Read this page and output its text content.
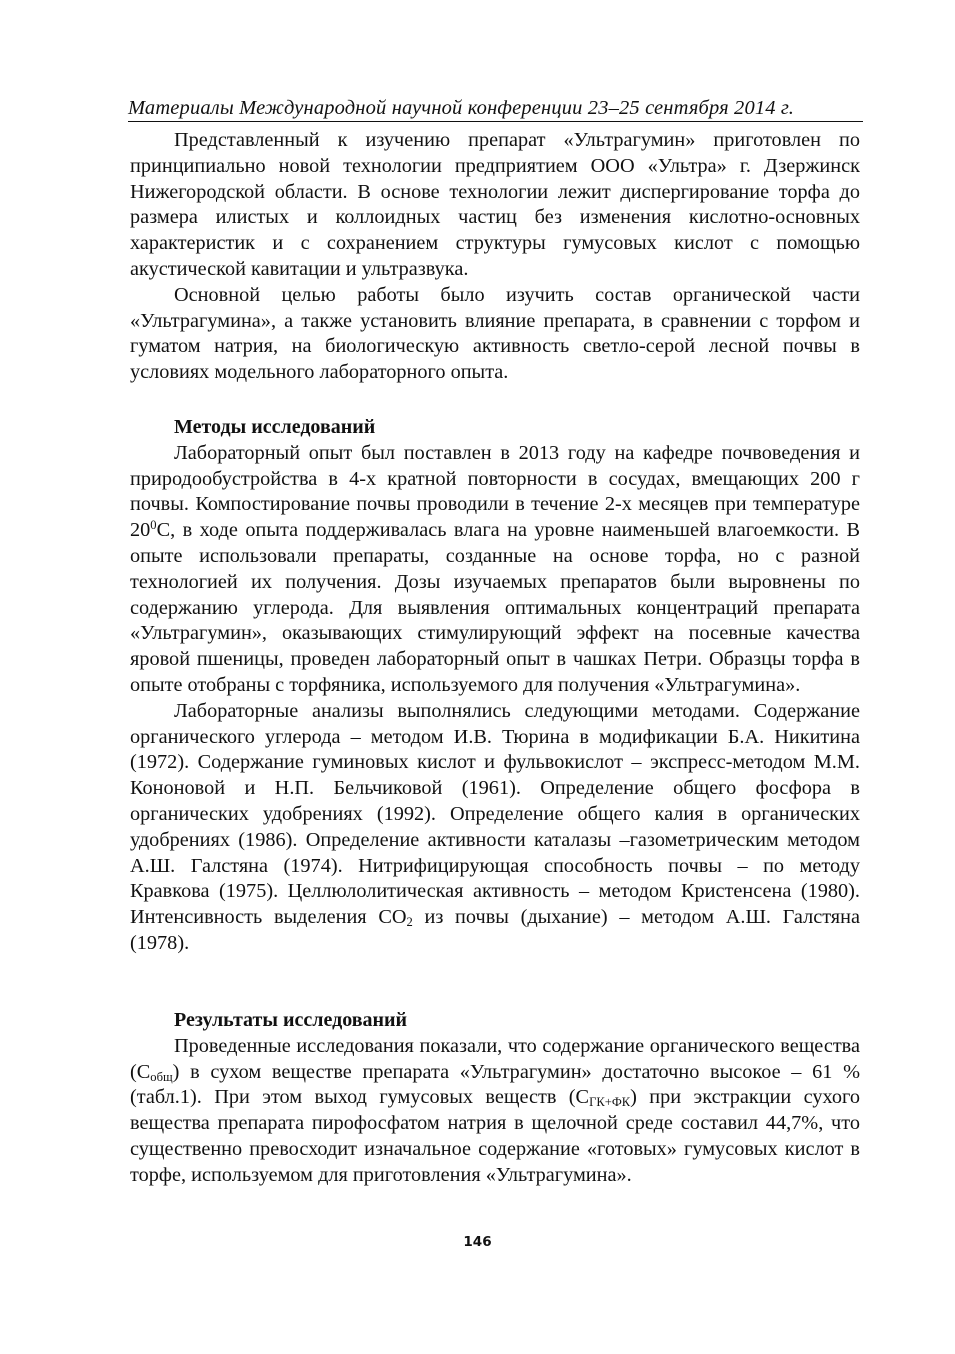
Материалы Международной научной конференции 23–25 сентября 2014 г.

Представленный к изучению препарат «Ультрагумин» приготовлен по принципиально новой технологии предприятием ООО «Ультра» г. Дзержинск Нижегородской области. В основе технологии лежит диспергирование торфа до размера илистых и коллоидных частиц без изменения кислотно-основных характеристик и с сохранением структуры гумусовых кислот с помощью акустической кавитации и ультразвука.

Основной целью работы было изучить состав органической части «Ультрагумина», а также установить влияние препарата, в сравнении с торфом и гуматом натрия, на биологическую активность светло-серой лесной почвы в условиях модельного лабораторного опыта.

Методы исследований

Лабораторный опыт был поставлен в 2013 году на кафедре почвоведения и природообустройства в 4-х кратной повторности в сосудах, вмещающих 200 г почвы. Компостирование почвы проводили в течение 2-х месяцев при температуре $20^0С$, в ходе опыта поддерживалась влага на уровне наименьшей влагоемкости. В опыте использовали препараты, созданные на основе торфа, но с разной технологией их получения. Дозы изучаемых препаратов были выровнены по содержанию углерода. Для выявления оптимальных концентраций препарата «Ультрагумин», оказывающих стимулирующий эффект на посевные качества яровой пшеницы, проведен лабораторный опыт в чашках Петри. Образцы торфа в опыте отобраны с торфяника, используемого для получения «Ультрагумина».

Лабораторные анализы выполнялись следующими методами. Содержание органического углерода – методом И.В. Тюрина в модификации Б.А. Никитина (1972). Содержание гуминовых кислот и фульвокислот – экспресс-методом М.М. Кононовой и Н.П. Бельчиковой (1961). Определение общего фосфора в органических удобрениях (1992). Определение общего калия в органических удобрениях (1986). Определение активности каталазы –газометрическим методом А.Ш. Галстяна (1974). Нитрифицирующая способность почвы – по методу Кравкова (1975). Целлюлолитическая активность – методом Кристенсена (1980). Интенсивность выделения $СО_2$ из почвы (дыхание) – методом А.Ш. Галстяна (1978).

Результаты исследований

Проведенные исследования показали, что содержание органического вещества $(С_{общ})$ в сухом веществе препарата «Ультрагумин» достаточно высокое – 61 % (табл.1). При этом выход гумусовых веществ $(С_{ГК+ФК})$ при экстракции сухого вещества препарата пирофосфатом натрия в щелочной среде составил 44,7%, что существенно превосходит изначальное содержание «готовых» гумусовых кислот в торфе, используемом для приготовления «Ультрагумина».

146
